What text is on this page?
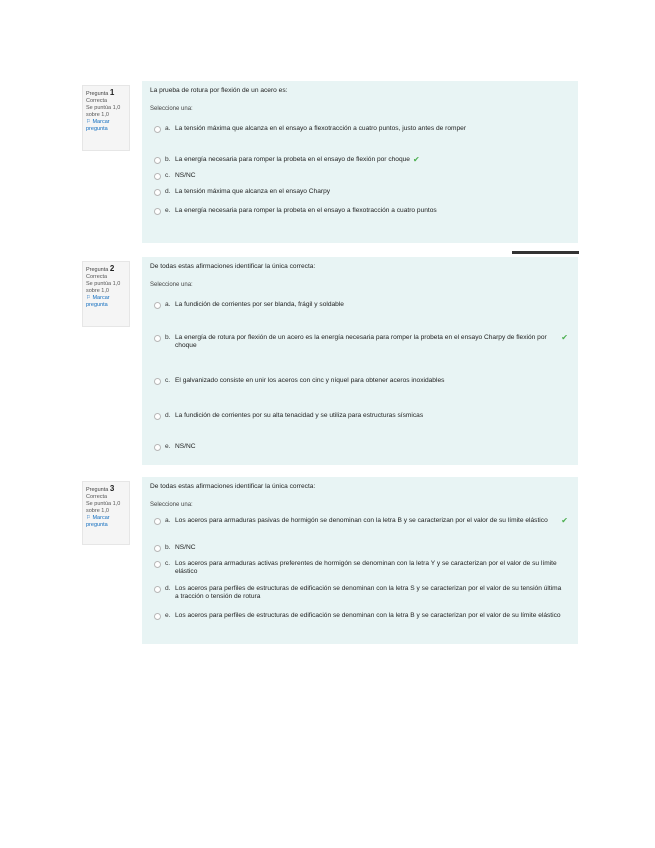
Pregunta 1
Correcta
Se puntúa 1,0 sobre 1,0
⚐ Marcar pregunta
La prueba de rotura por flexión de un acero es:
Seleccione una:
a. La tensión máxima que alcanza en el ensayo a flexotracción a cuatro puntos, justo antes de romper
b. La energía necesaria para romper la probeta en el ensayo de flexión por choque ✔
c. NS/NC
d. La tensión máxima que alcanza en el ensayo Charpy
e. La energía necesaria para romper la probeta en el ensayo a flexotracción a cuatro puntos
Pregunta 2
Correcta
Se puntúa 1,0 sobre 1,0
⚐ Marcar pregunta
De todas estas afirmaciones identificar la única correcta:
Seleccione una:
a. La fundición de corrientes por ser blanda, frágil y soldable
b. La energía de rotura por flexión de un acero es la energía necesaria para romper la probeta en el ensayo Charpy de flexión por choque
✔
c. El galvanizado consiste en unir los aceros con cinc y níquel para obtener aceros inoxidables
d. La fundición de corrientes por su alta tenacidad y se utiliza para estructuras sísmicas
e. NS/NC
Pregunta 3
Correcta
Se puntúa 1,0 sobre 1,0
⚐ Marcar pregunta
De todas estas afirmaciones identificar la única correcta:
Seleccione una:
a. Los aceros para armaduras pasivas de hormigón se denominan con la letra B y se caracterizan por el valor de su límite elástico	✔
b. NS/NC
c. Los aceros para armaduras activas preferentes de hormigón se denominan con la letra Y y se caracterizan por el valor de su límite elástico
d. Los aceros para perfiles de estructuras de edificación se denominan con la letra S y se caracterizan por el valor de su tensión última a tracción o tensión de rotura
e. Los aceros para perfiles de estructuras de edificación se denominan con la letra B y se caracterizan por el valor de su límite elástico
